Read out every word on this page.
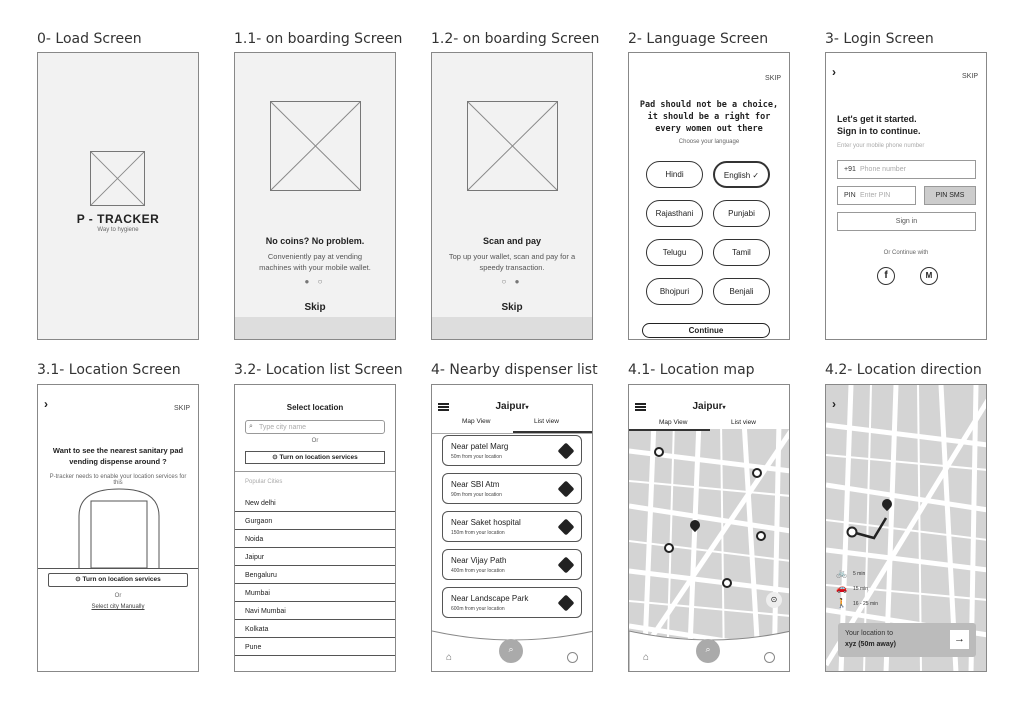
0- Load Screen	1.1- on boarding Screen 1.2- on boarding Screen 2- Language Screen	3- Login Screen
P - TRACKER
Way to hygiene
No coins? No problem.
Conveniently pay at vending machines with your mobile wallet.
● ○
Skip
Scan and pay
Top up your wallet, scan and pay for a speedy transaction.
○ ●
Skip
SKIP
Pad should not be a choice, it should be a right for every women out there
Choose your language
Hindi	English ✓
Rajasthani	Punjabi
Telugu	Tamil
Bhojpuri	Benjali
Continue
›	SKIP
Let's get it started. Sign in to continue.
Enter your mobile phone number
+91 Phone number
PIN Enter PIN	PIN SMS
Sign in
Or Continue with
f	M
3.1- Location Screen	3.2- Location list Screen 4- Nearby dispenser list 4.1- Location map	4.2- Location direction
›	SKIP
Want to see the nearest sanitary pad vending dispense around ?
P-tracker needs to enable your location services for this
⊙ Turn on location services
Or
Select city Manually
Select location
⌕ Type city name
Or
⊙ Turn on location services
Popular Cities
New delhi
Gurgaon
Noida
Jaipur
Bengaluru
Mumbai
Navi Mumbai
Kolkata
Pune
Jaipur▾
Map View	List view
Near patel Marg
50m from your location
Near SBI Atm
90m from your location
Near Saket hospital
150m from your location
Near Vijay Path
400m from your location
Near Landscape Park
600m from your location
⌂
⌕
Jaipur▾
Map View	List view
⊙
⌂
⌕
›
🚲 5 min
🚗 15 min
🚶 16 - 25 min
Your location to
xyz (50m away)	→
